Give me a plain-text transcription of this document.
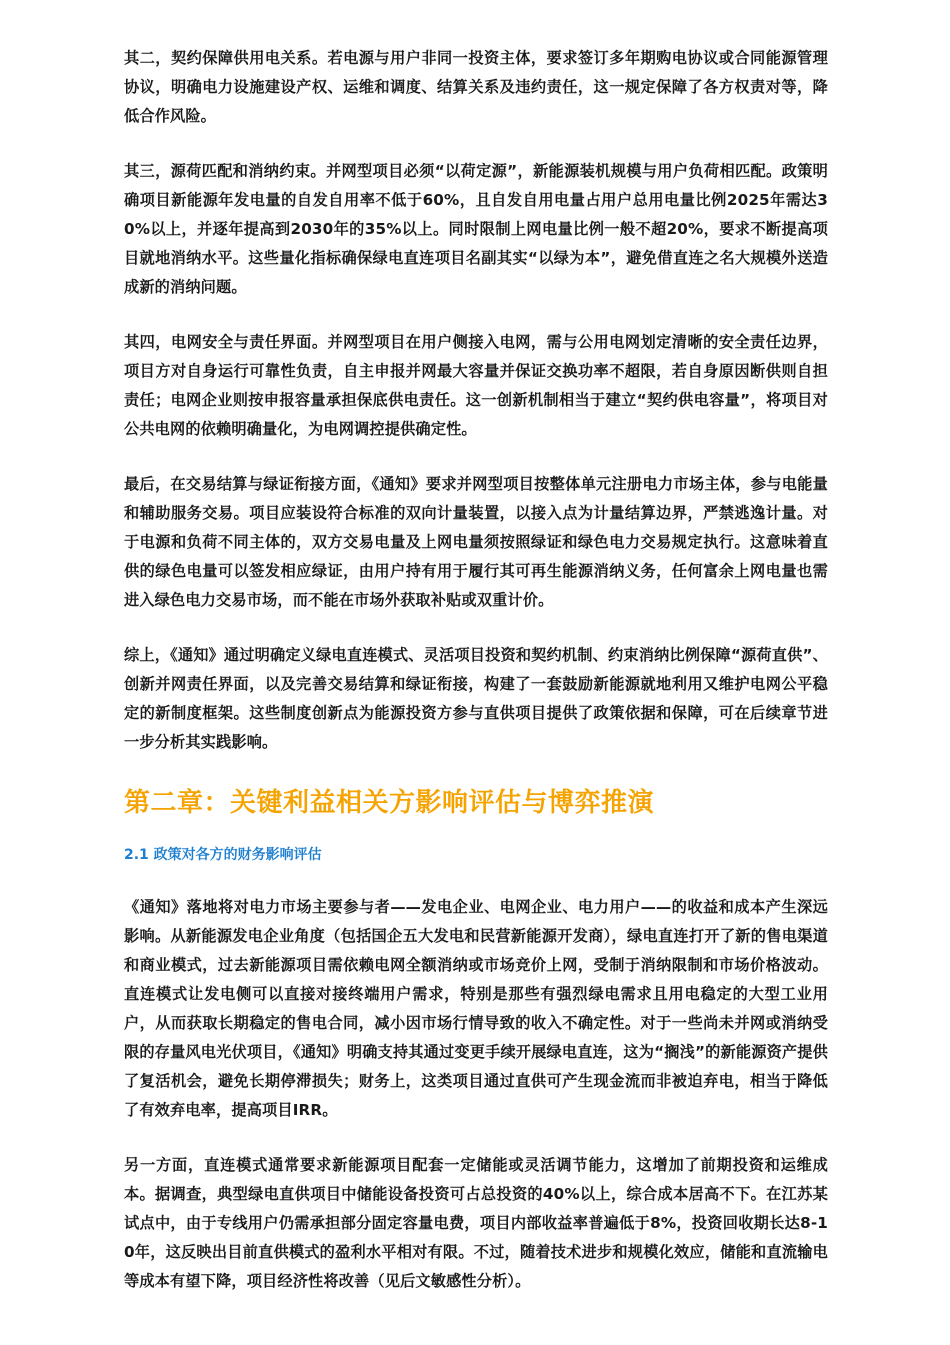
其二，契约保障供用电关系。若电源与用户非同一投资主体，要求签订多年期购电协议或合同能源管理协议，明确电力设施建设产权、运维和调度、结算关系及违约责任，这一规定保障了各方权责对等，降低合作风险。

其三，源荷匹配和消纳约束。并网型项目必须“以荷定源”，新能源装机规模与用户负荷相匹配。政策明确项目新能源年发电量的自发自用率不低于60%，且自发自用电量占用户总用电量比例2025年需达30%以上，并逐年提高到2030年的35%以上。同时限制上网电量比例一般不超20%，要求不断提高项目就地消纳水平。这些量化指标确保绿电直连项目名副其实“以绿为本”，避免借直连之名大规模外送造成新的消纳问题。

其四，电网安全与责任界面。并网型项目在用户侧接入电网，需与公用电网划定清晰的安全责任边界，项目方对自身运行可靠性负责，自主申报并网最大容量并保证交换功率不超限，若自身原因断供则自担责任；电网企业则按申报容量承担保底供电责任。这一创新机制相当于建立“契约供电容量”，将项目对公共电网的依赖明确量化，为电网调控提供确定性。

最后，在交易结算与绿证衔接方面，《通知》要求并网型项目按整体单元注册电力市场主体，参与电能量和辅助服务交易。项目应装设符合标准的双向计量装置，以接入点为计量结算边界，严禁逃逸计量。对于电源和负荷不同主体的，双方交易电量及上网电量须按照绿证和绿色电力交易规定执行。这意味着直供的绿色电量可以签发相应绿证，由用户持有用于履行其可再生能源消纳义务，任何富余上网电量也需进入绿色电力交易市场，而不能在市场外获取补贴或双重计价。

综上，《通知》通过明确定义绿电直连模式、灵活项目投资和契约机制、约束消纳比例保障“源荷直供”、创新并网责任界面，以及完善交易结算和绿证衔接，构建了一套鼓励新能源就地利用又维护电网公平稳定的新制度框架。这些制度创新点为能源投资方参与直供项目提供了政策依据和保障，可在后续章节进一步分析其实践影响。

第二章：关键利益相关方影响评估与博弈推演
2.1 政策对各方的财务影响评估

《通知》落地将对电力市场主要参与者——发电企业、电网企业、电力用户——的收益和成本产生深远影响。从新能源发电企业角度（包括国企五大发电和民营新能源开发商），绿电直连打开了新的售电渠道和商业模式，过去新能源项目需依赖电网全额消纳或市场竞价上网，受制于消纳限制和市场价格波动。直连模式让发电侧可以直接对接终端用户需求，特别是那些有强烈绿电需求且用电稳定的大型工业用户，从而获取长期稳定的售电合同，减小因市场行情导致的收入不确定性。对于一些尚未并网或消纳受限的存量风电光伏项目，《通知》明确支持其通过变更手续开展绿电直连，这为“搁浅”的新能源资产提供了复活机会，避免长期停滞损失；财务上，这类项目通过直供可产生现金流而非被迫弃电，相当于降低了有效弃电率，提高项目IRR。

另一方面，直连模式通常要求新能源项目配套一定储能或灵活调节能力，这增加了前期投资和运维成本。据调查，典型绿电直供项目中储能设备投资可占总投资的40%以上，综合成本居高不下。在江苏某试点中，由于专线用户仍需承担部分固定容量电费，项目内部收益率普遍低于8%，投资回收期长达8-10年，这反映出目前直供模式的盈利水平相对有限。不过，随着技术进步和规模化效应，储能和直流输电等成本有望下降，项目经济性将改善（见后文敏感性分析）。
